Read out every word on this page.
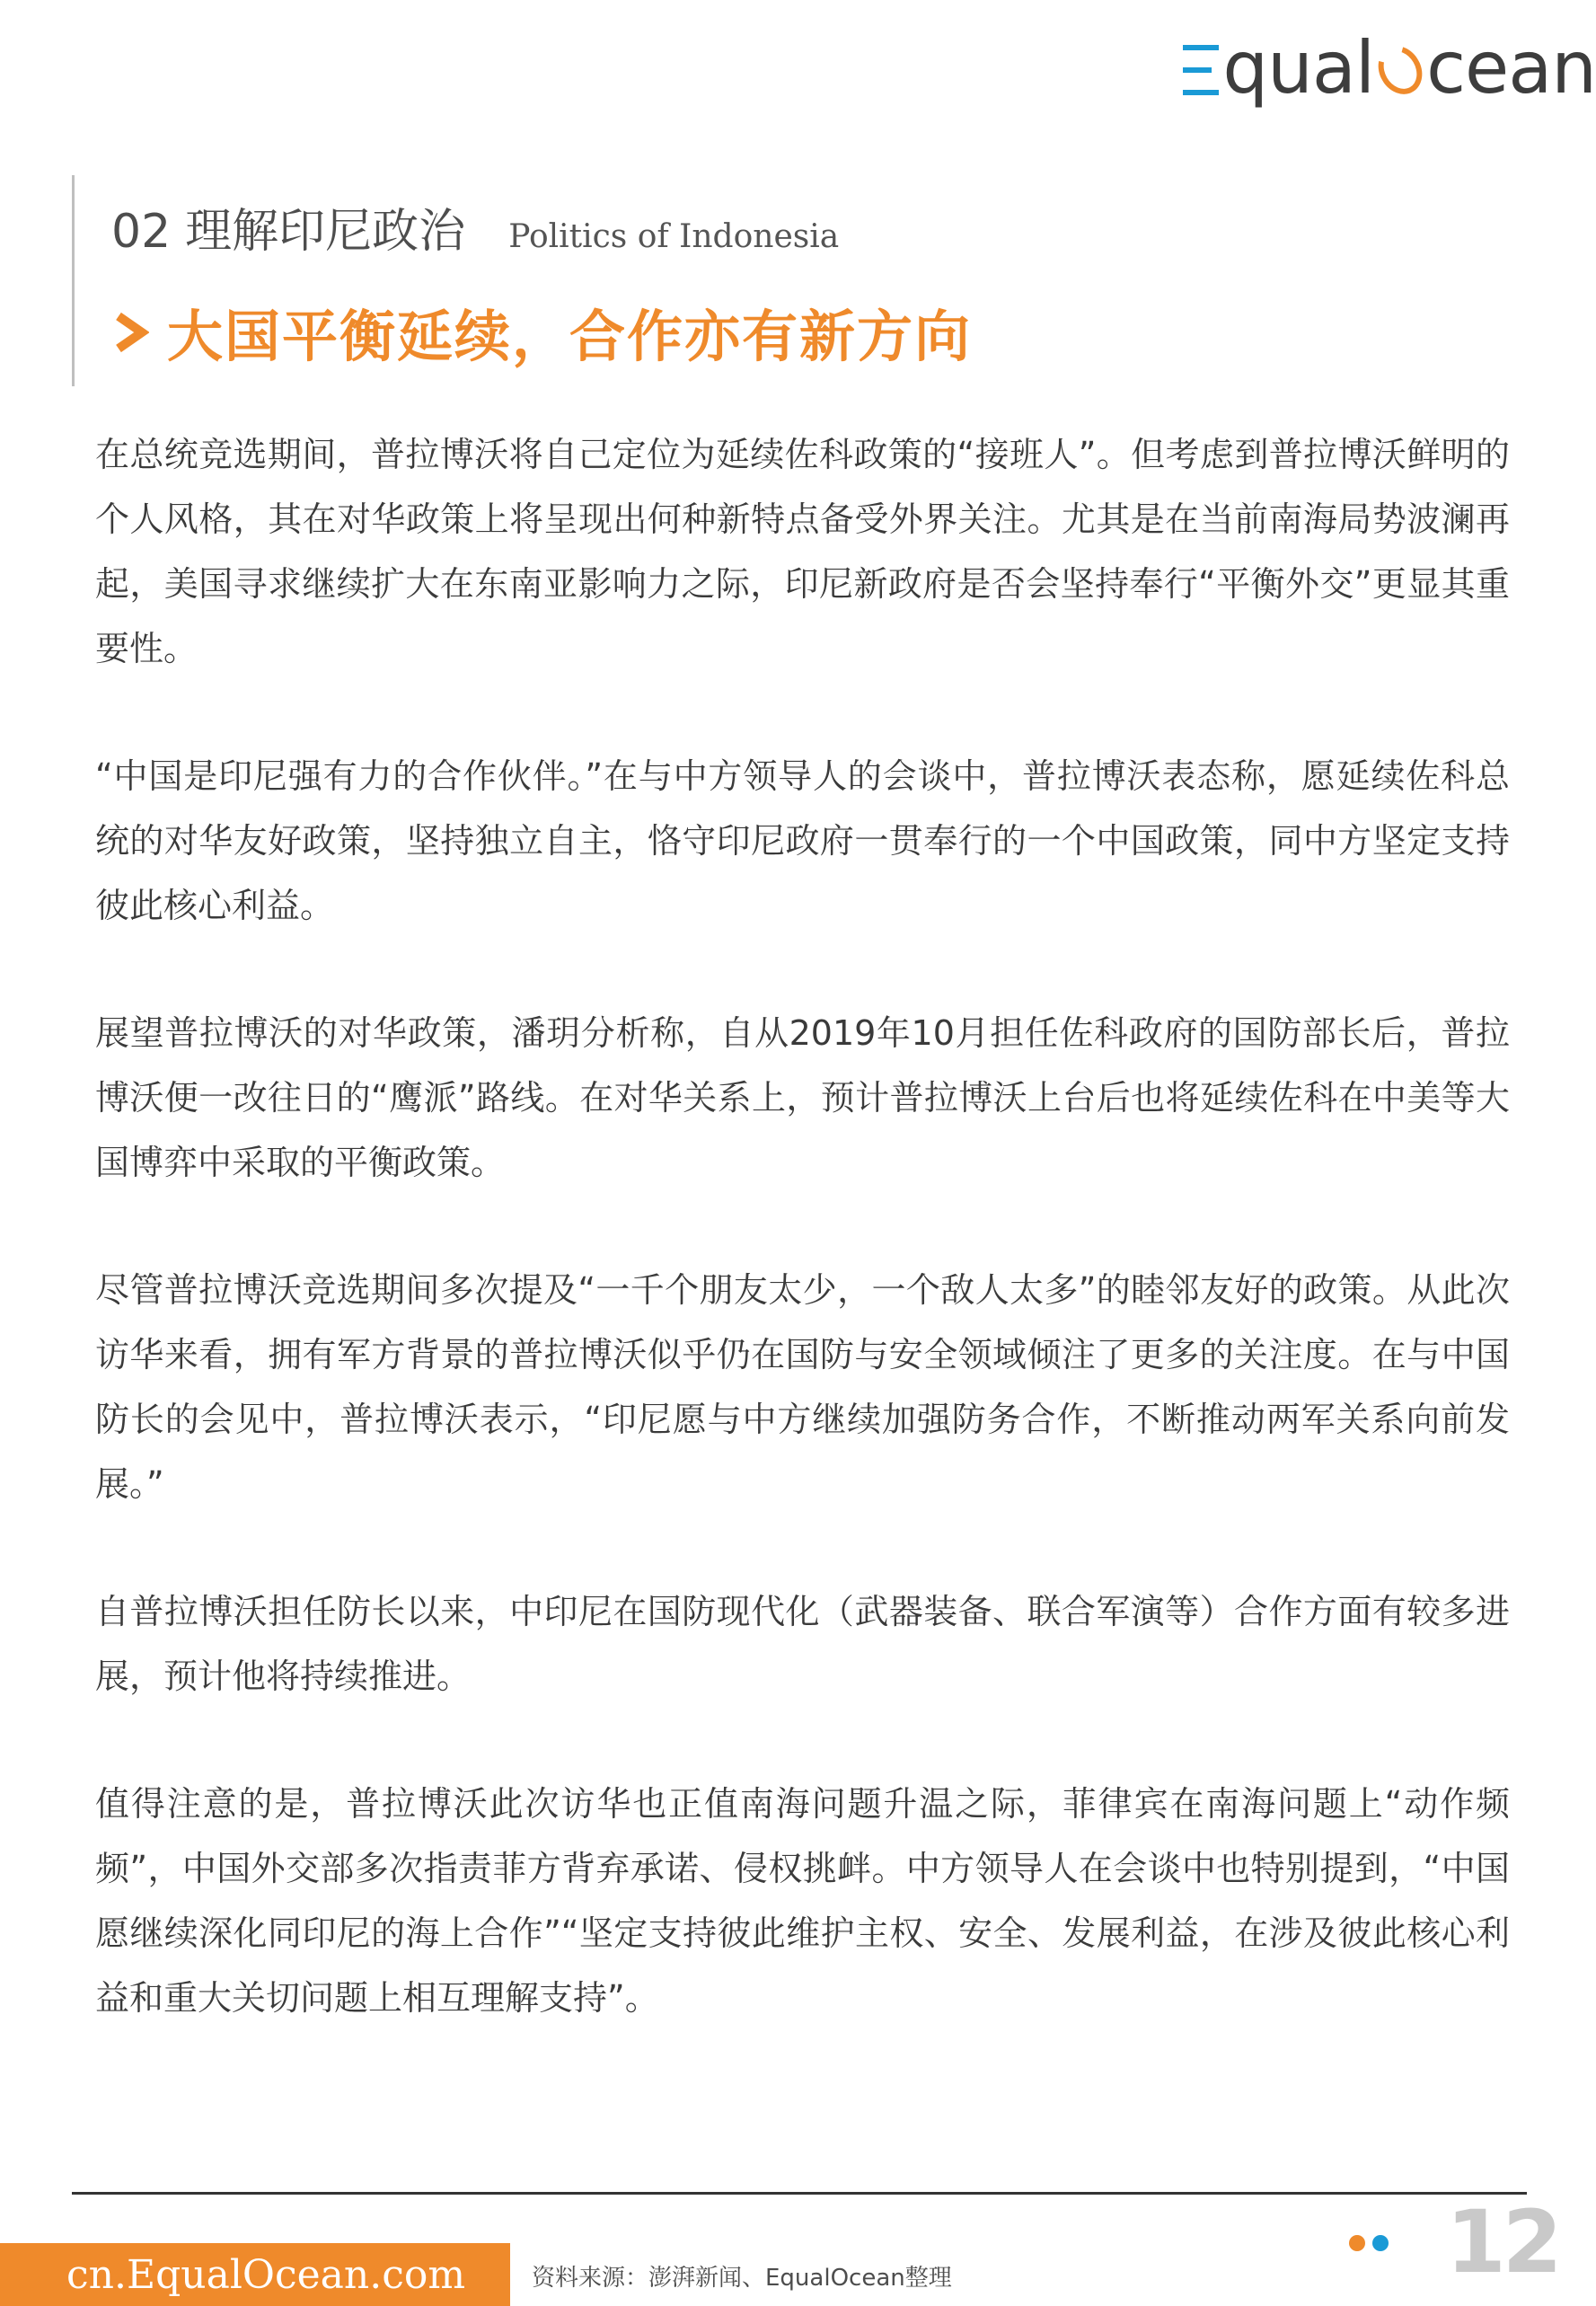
qual cean
02 理解印尼政治 Politics of Indonesia
大国平衡延续，合作亦有新方向

在总统竞选期间，普拉博沃将自己定位为延续佐科政策的“接班人”。但考虑到普拉博沃鲜明的个人风格，其在对华政策上将呈现出何种新特点备受外界关注。尤其是在当前南海局势波澜再起，美国寻求继续扩大在东南亚影响力之际，印尼新政府是否会坚持奉行“平衡外交”更显其重要性。

“中国是印尼强有力的合作伙伴。”在与中方领导人的会谈中，普拉博沃表态称，愿延续佐科总统的对华友好政策，坚持独立自主，恪守印尼政府一贯奉行的一个中国政策，同中方坚定支持彼此核心利益。

展望普拉博沃的对华政策，潘玥分析称，自从2019年10月担任佐科政府的国防部长后，普拉博沃便一改往日的“鹰派”路线。在对华关系上，预计普拉博沃上台后也将延续佐科在中美等大国博弈中采取的平衡政策。

尽管普拉博沃竞选期间多次提及“一千个朋友太少，一个敌人太多”的睦邻友好的政策。从此次访华来看，拥有军方背景的普拉博沃似乎仍在国防与安全领域倾注了更多的关注度。在与中国防长的会见中，普拉博沃表示，“印尼愿与中方继续加强防务合作，不断推动两军关系向前发展。”

自普拉博沃担任防长以来，中印尼在国防现代化（武器装备、联合军演等）合作方面有较多进展，预计他将持续推进。

值得注意的是，普拉博沃此次访华也正值南海问题升温之际，菲律宾在南海问题上“动作频频”，中国外交部多次指责菲方背弃承诺、侵权挑衅。中方领导人在会谈中也特别提到，“中国愿继续深化同印尼的海上合作”“坚定支持彼此维护主权、安全、发展利益，在涉及彼此核心利益和重大关切问题上相互理解支持”。

cn.EqualOcean.com	资料来源：澎湃新闻、EqualOcean整理	12
